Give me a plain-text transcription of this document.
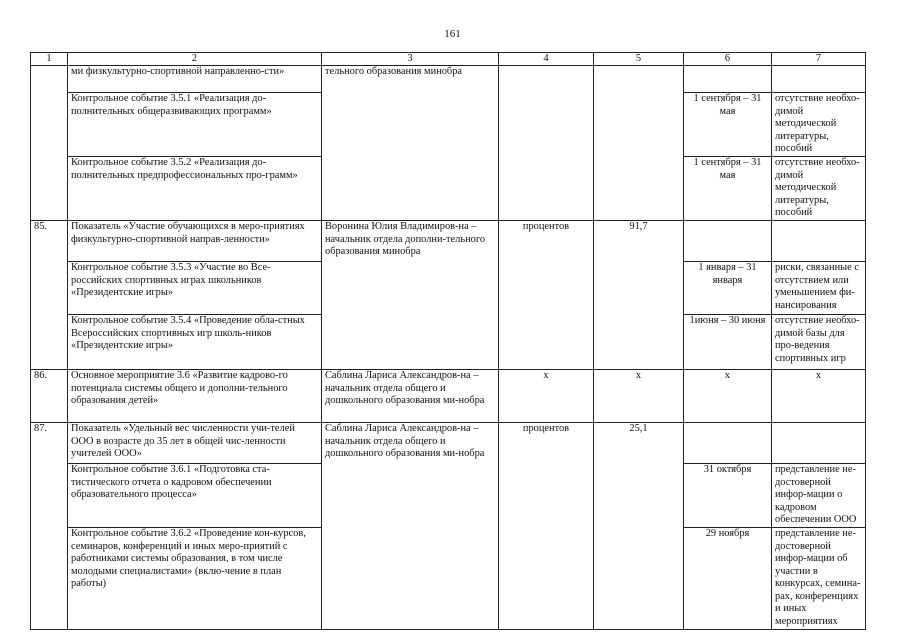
161
1	2	3	4	5	6	7
	ми физкультурно-спортивной направленно-сти»	тельного образования минобра				
	Контрольное событие 3.5.1 «Реализация до-полнительных общеразвивающих программ»				1 сентября – 31 мая	отсутствие необхо-димой методической литературы, пособий
	Контрольное событие 3.5.2 «Реализация до-полнительных предпрофессиональных про-грамм»				1 сентября – 31 мая	отсутствие необхо-димой методической литературы, пособий
85.	Показатель «Участие обучающихся в меро-приятиях физкультурно-спортивной направ-ленности»	Воронина Юлия Владимиров-на – начальник отдела дополни-тельного образования минобра	процентов	91,7		
	Контрольное событие 3.5.3 «Участие во Все-российских спортивных играх школьников «Президентские игры»				1 января – 31 января	риски, связанные с отсутствием или уменьшением фи-нансирования
	Контрольное событие 3.5.4 «Проведение обла-стных Всероссийских спортивных игр школь-ников «Президентские игры»				1июня – 30 июня	отсутствие необхо-димой базы для про-ведения спортивных игр
86.	Основное мероприятие 3.6 «Развитие кадрово-го потенциала системы общего и дополни-тельного образования детей»	Саблина Лариса Александров-на – начальник отдела общего и дошкольного образования ми-нобра	x	x	x	x
87.	Показатель «Удельный вес численности учи-телей ООО в возрасте до 35 лет в общей чис-ленности учителей ООО»	Саблина Лариса Александров-на – начальник отдела общего и дошкольного образования ми-нобра	процентов	25,1		
	Контрольное событие 3.6.1 «Подготовка ста-тистического отчета о кадровом обеспечении образовательного процесса»				31 октября	представление не-достоверной инфор-мации о кадровом обеспечении ООО
	Контрольное событие 3.6.2 «Проведение кон-курсов, семинаров, конференций и иных меро-приятий с работниками системы образования, в том числе молодыми специалистами» (вклю-чение в план работы)				29 ноября	представление не-достоверной инфор-мации об участии в конкурсах, семина-рах, конференциях и иных мероприятиях
